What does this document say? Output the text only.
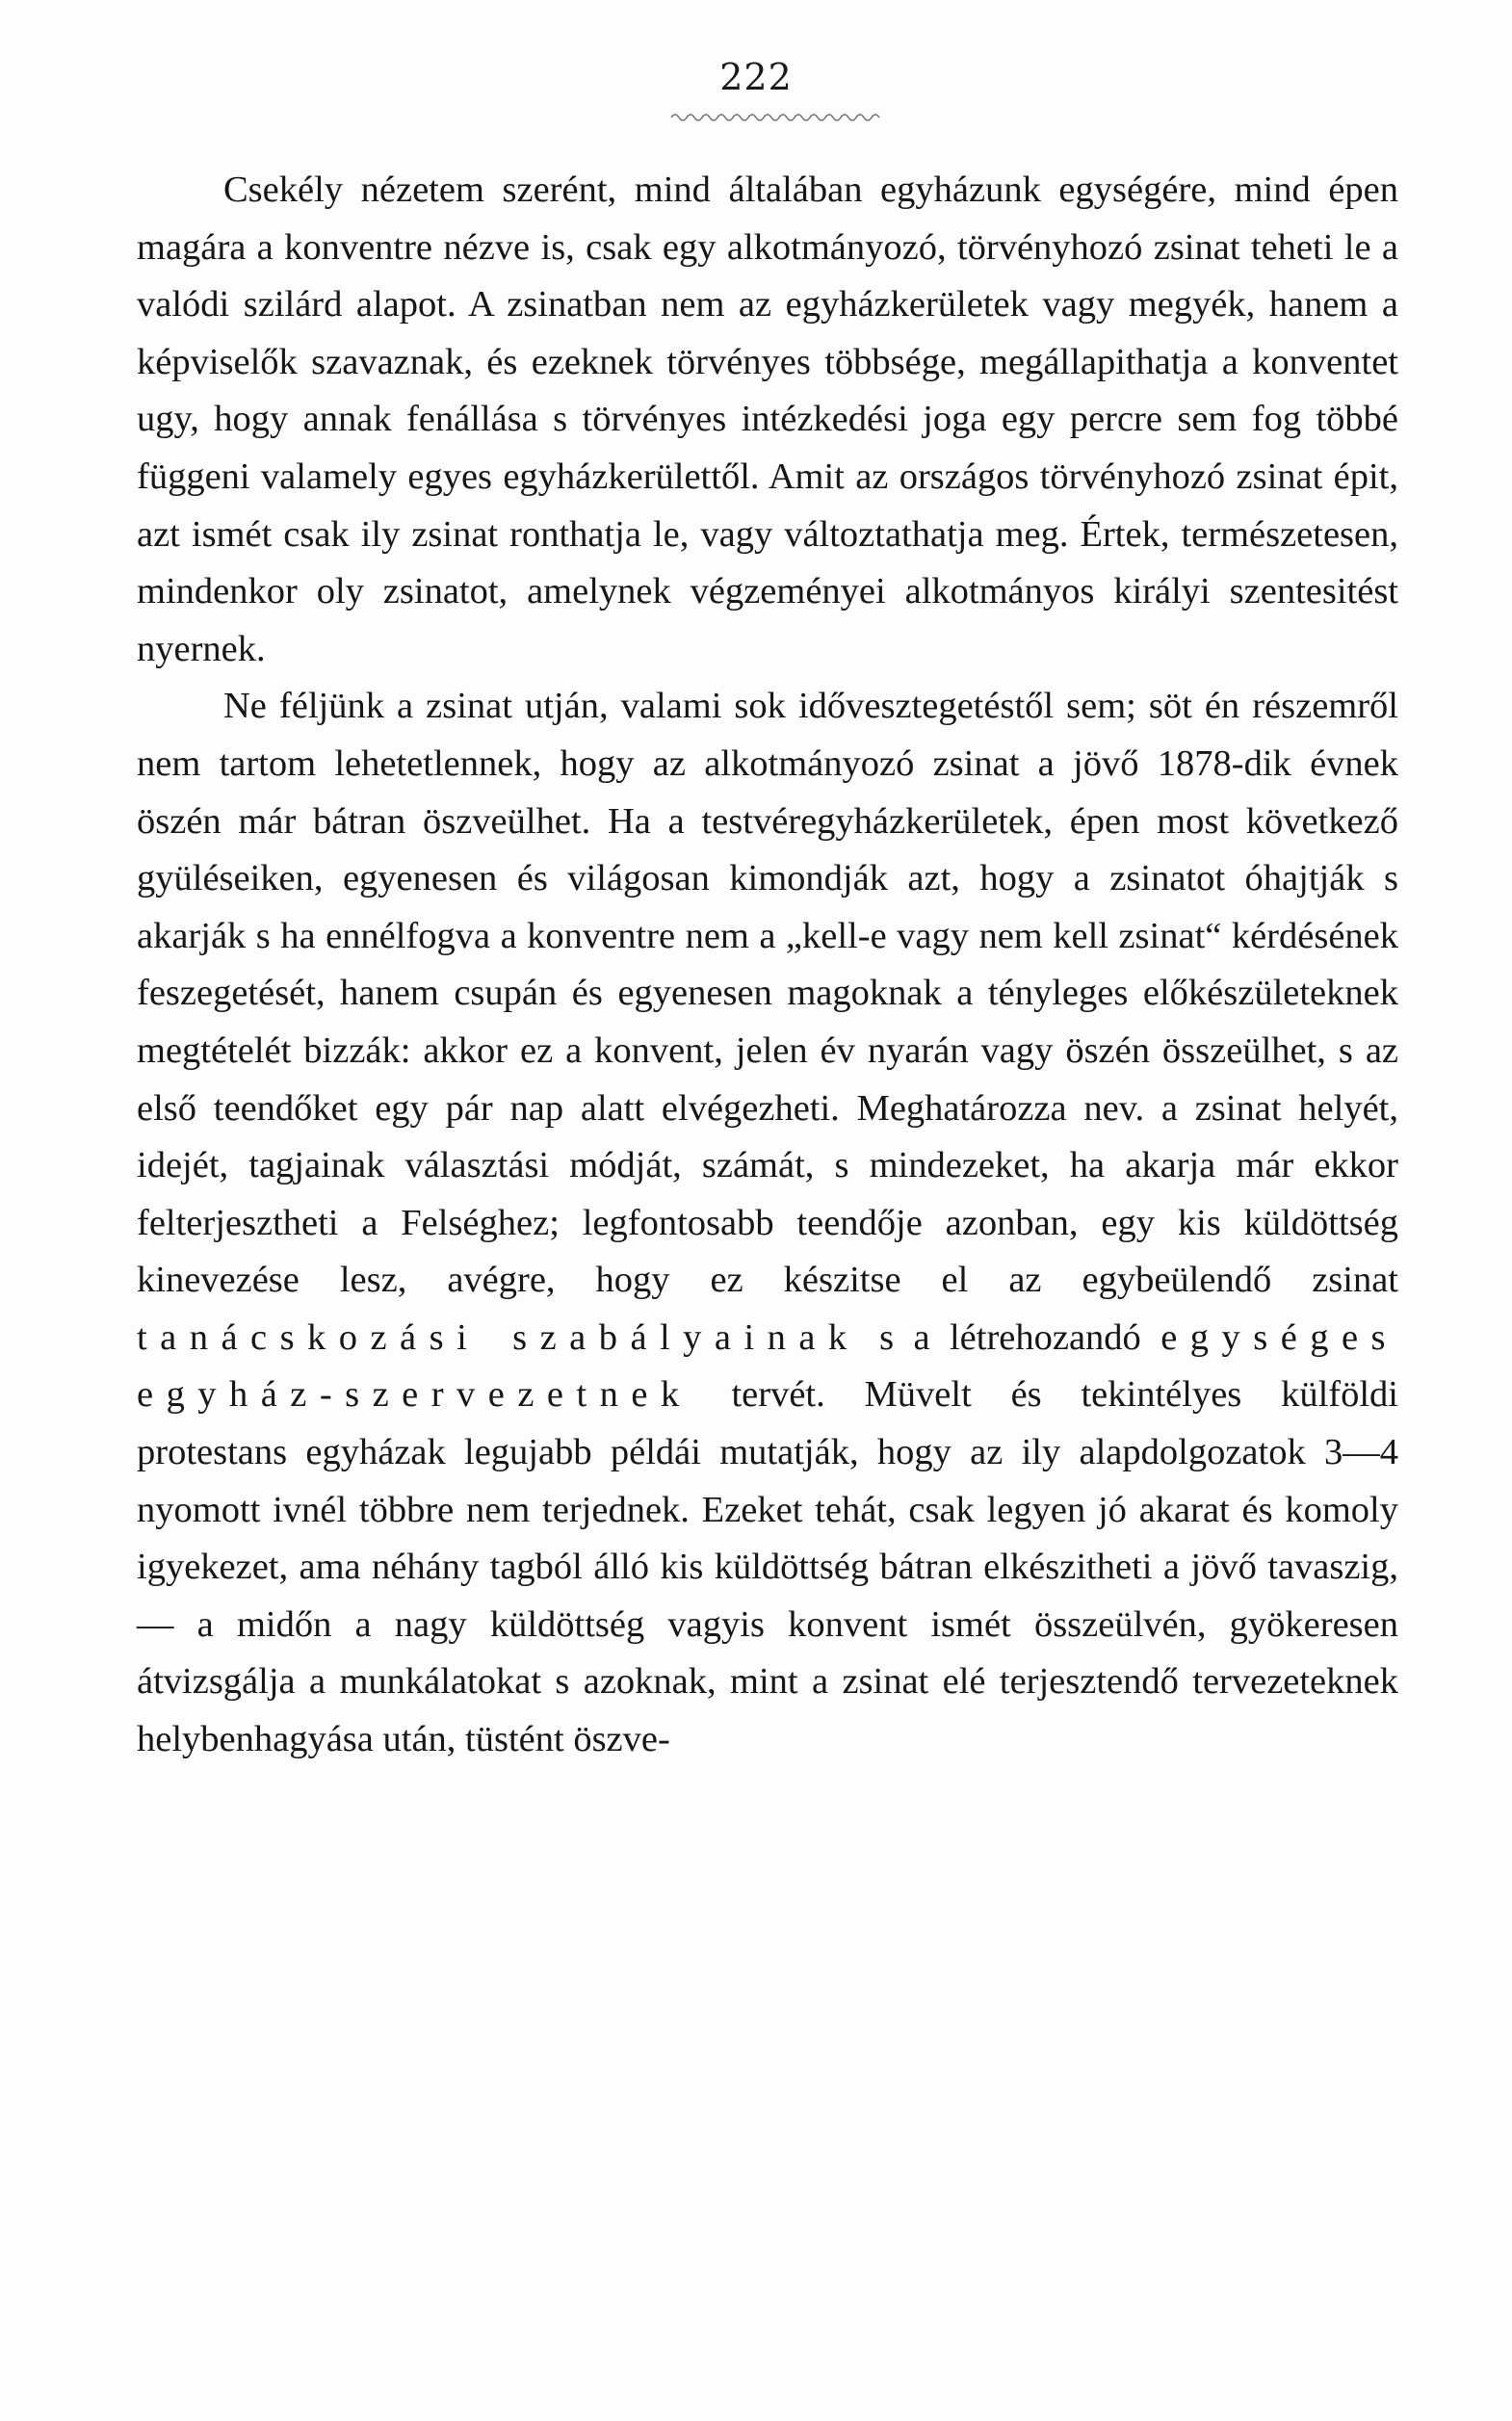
222

Csekély nézetem szerént, mind általában egyházunk egységére, mind épen magára a konventre nézve is, csak egy alkotmányozó, törvényhozó zsinat teheti le a valódi szilárd alapot. A zsinatban nem az egyházkerületek vagy megyék, hanem a képviselők szavaznak, és ezeknek törvényes többsége, megállapithatja a konventet ugy, hogy annak fenállása s törvényes intézkedési joga egy percre sem fog többé függeni valamely egyes egyházkerülettől. Amit az országos törvényhozó zsinat épit, azt ismét csak ily zsinat ronthatja le, vagy változtathatja meg. Értek, természetesen, mindenkor oly zsinatot, amelynek végzeményei alkotmányos királyi szentesitést nyernek.

Ne féljünk a zsinat utján, valami sok idővesztegetéstől sem; söt én részemről nem tartom lehetetlennek, hogy az alkotmányozó zsinat a jövő 1878-dik évnek öszén már bátran öszveülhet. Ha a testvéregyházkerületek, épen most következő gyüléseiken, egyenesen és világosan kimondják azt, hogy a zsinatot óhajtják s akarják s ha ennélfogva a konventre nem a „kell-e vagy nem kell zsinat“ kérdésének feszegetését, hanem csupán és egyenesen magoknak a tényleges előkészületeknek megtételét bizzák: akkor ez a konvent, jelen év nyarán vagy öszén összeülhet, s az első teendőket egy pár nap alatt elvégezheti. Meghatározza nev. a zsinat helyét, idejét, tagjainak választási módját, számát, s mindezeket, ha akarja már ekkor felterjesztheti a Felséghez; legfontosabb teendője azonban, egy kis küldöttség kinevezése lesz, avégre, hogy ez készitse el az egybeülendő zsinat tanácskozási szabályainak s a létrehozandó egységes egyház-szervezetnek tervét. Müvelt és tekintélyes külföldi protestans egyházak legujabb példái mutatják, hogy az ily alapdolgozatok 3—4 nyomott ivnél többre nem terjednek. Ezeket tehát, csak legyen jó akarat és komoly igyekezet, ama néhány tagból álló kis küldöttség bátran elkészitheti a jövő tavaszig, — a midőn a nagy küldöttség vagyis konvent ismét összeülvén, gyökeresen átvizsgálja a munkálatokat s azoknak, mint a zsinat elé terjesztendő tervezeteknek helybenhagyása után, tüstént öszve-
